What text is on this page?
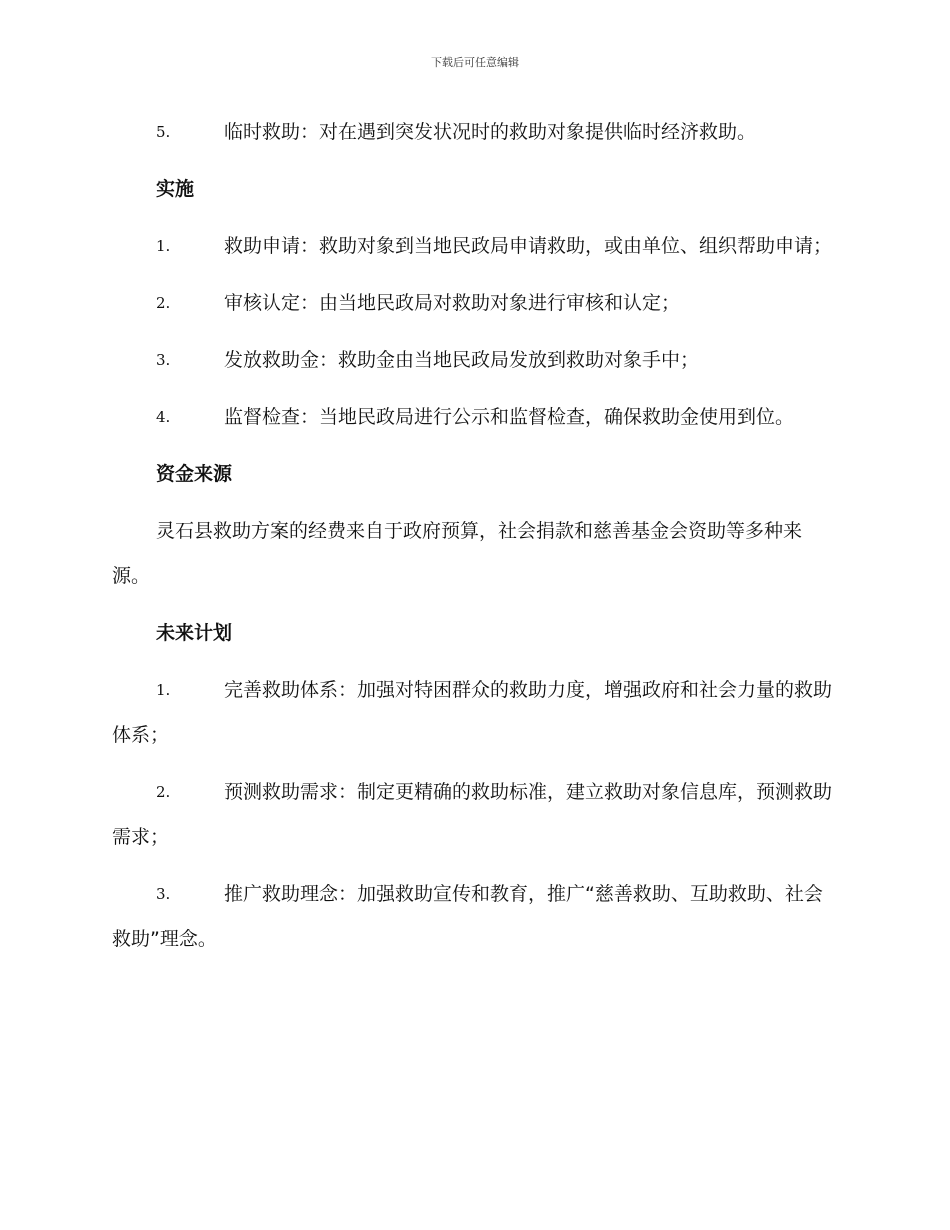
下载后可任意编辑
5.	临时救助：对在遇到突发状况时的救助对象提供临时经济救助。
实施
1.	救助申请：救助对象到当地民政局申请救助，或由单位、组织帮助申请；
2.	审核认定：由当地民政局对救助对象进行审核和认定；
3.	发放救助金：救助金由当地民政局发放到救助对象手中；
4.	监督检查：当地民政局进行公示和监督检查，确保救助金使用到位。
资金来源
灵石县救助方案的经费来自于政府预算，社会捐款和慈善基金会资助等多种来源。
未来计划
1.	完善救助体系：加强对特困群众的救助力度，增强政府和社会力量的救助体系；
2.	预测救助需求：制定更精确的救助标准，建立救助对象信息库，预测救助需求；
3.	推广救助理念：加强救助宣传和教育，推广“慈善救助、互助救助、社会救助”理念。
